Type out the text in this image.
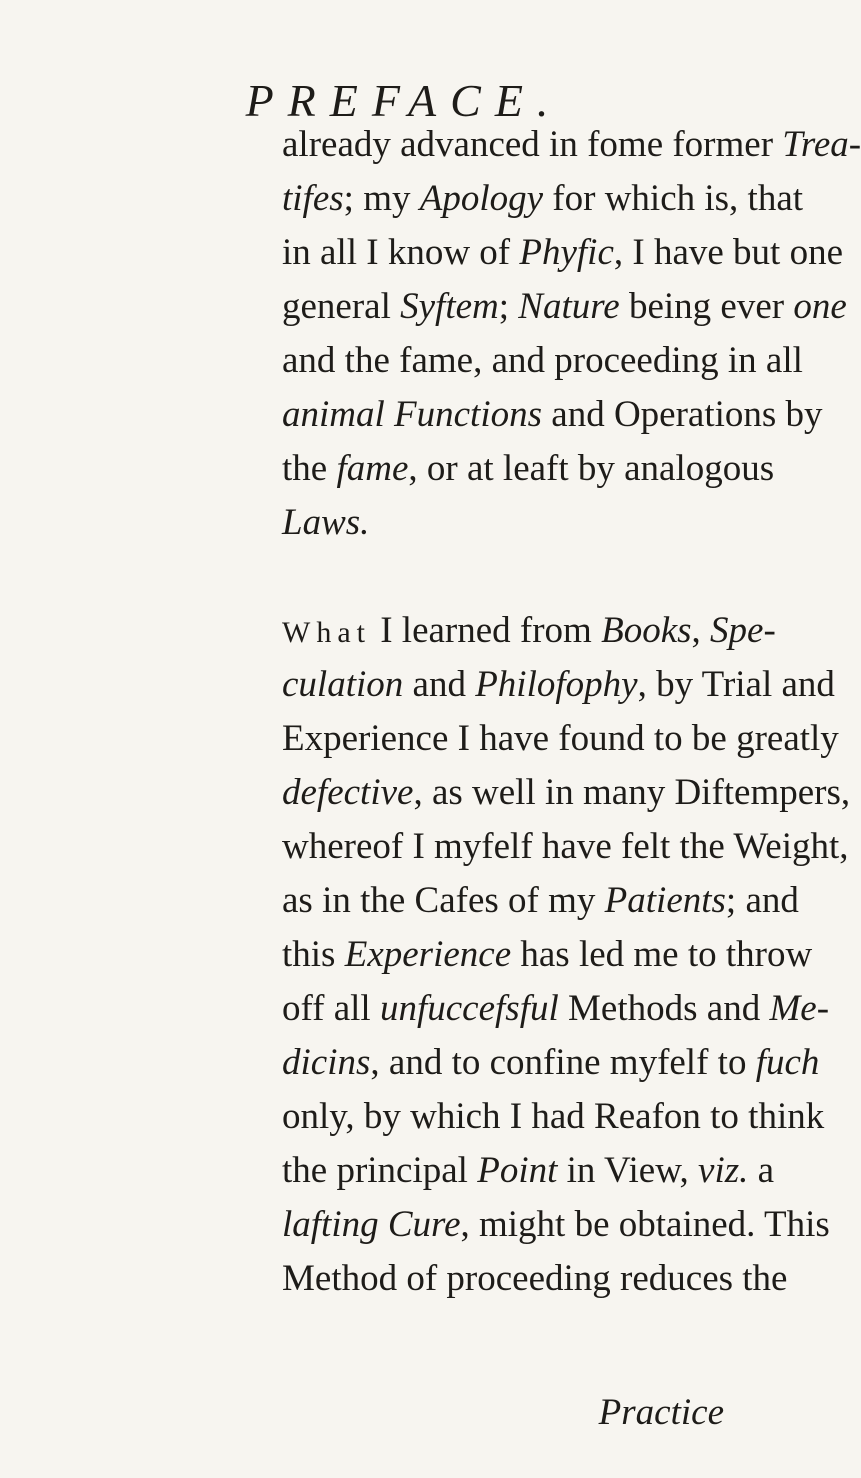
PREFACE.
already advanced in fome former Trea-
tifes; my Apology for which is, that
in all I know of Phyfic, I have but one
general Syftem; Nature being ever one
and the fame, and proceeding in all
animal Functions and Operations by
the fame, or at leaft by analogous
Laws.
What I learned from Books, Spe-
culation and Philofophy, by Trial and
Experience I have found to be greatly
defective, as well in many Diftempers,
whereof I myfelf have felt the Weight,
as in the Cafes of my Patients; and
this Experience has led me to throw
off all unfuccefsful Methods and Me-
dicins, and to confine myfelf to fuch
only, by which I had Reafon to think
the principal Point in View, viz. a
lafting Cure, might be obtained. This
Method of proceeding reduces the
Practice
